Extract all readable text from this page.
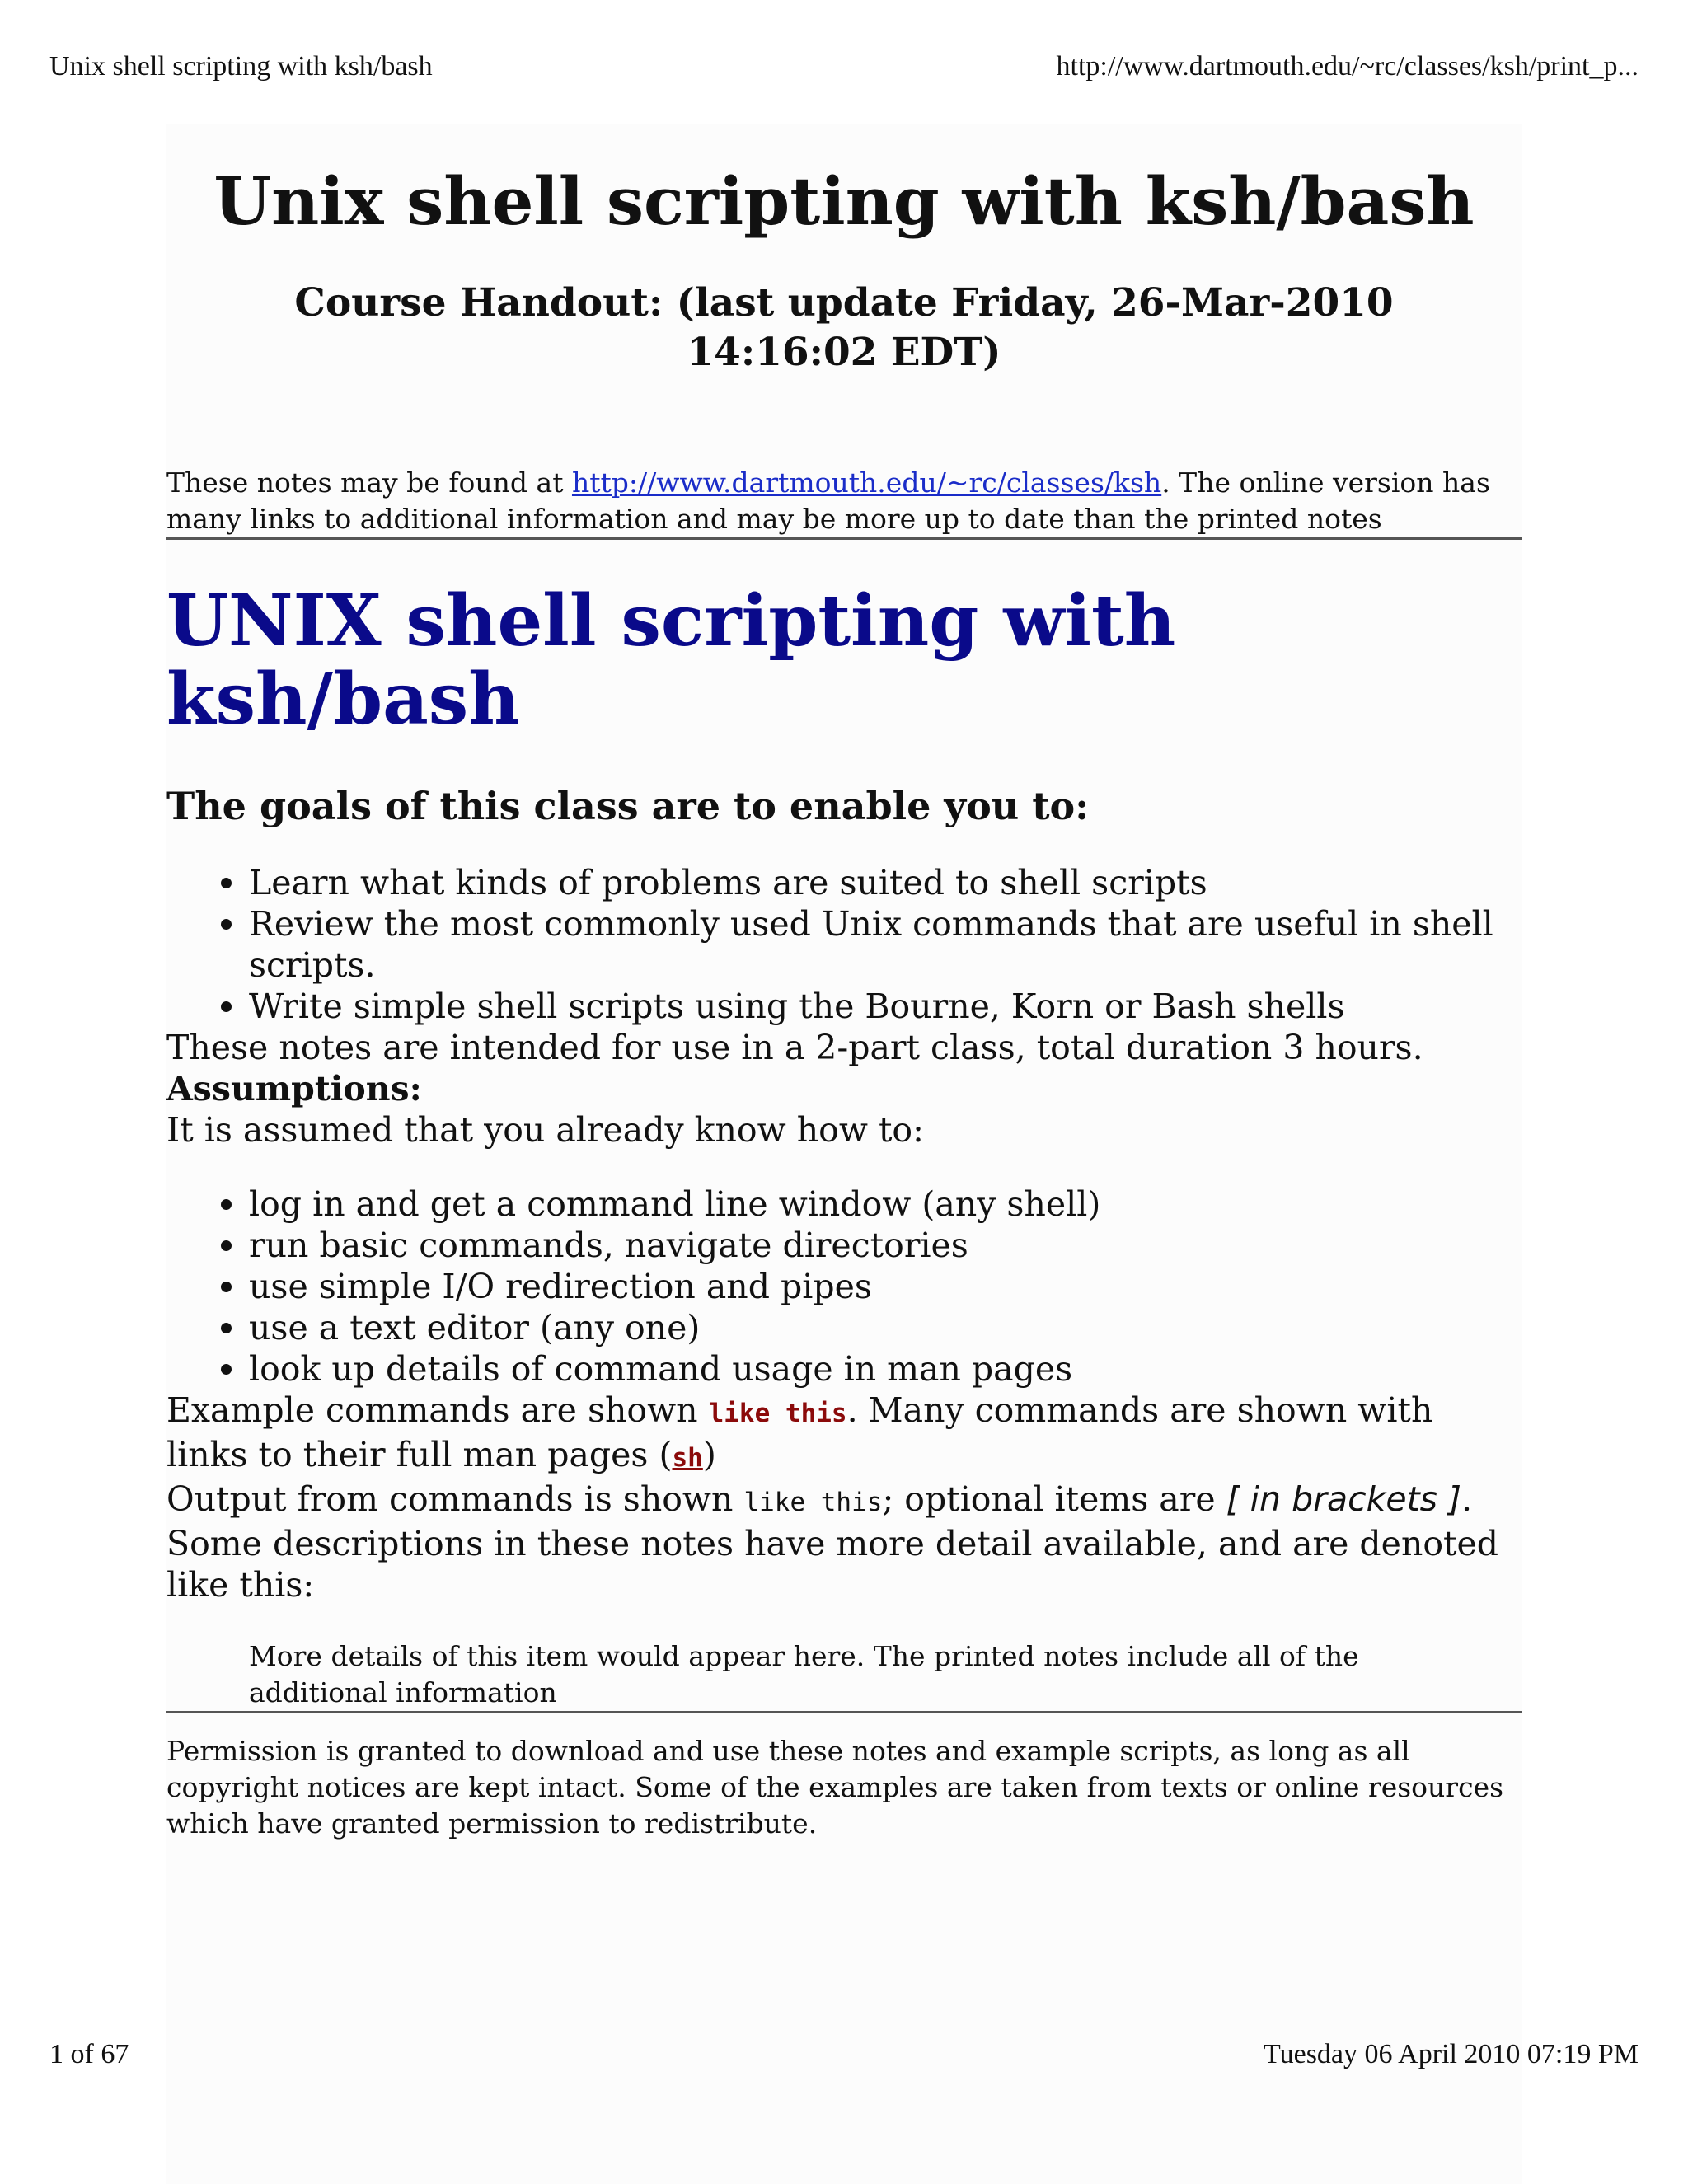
Unix shell scripting with ksh/bash	http://www.dartmouth.edu/~rc/classes/ksh/print_p...
Unix shell scripting with ksh/bash
Course Handout: (last update Friday, 26-Mar-2010 14:16:02 EDT)

These notes may be found at http://www.dartmouth.edu/~rc/classes/ksh. The online version has many links to additional information and may be more up to date than the printed notes

UNIX shell scripting with ksh/bash
The goals of this class are to enable you to:
Learn what kinds of problems are suited to shell scripts
Review the most commonly used Unix commands that are useful in shell scripts.
Write simple shell scripts using the Bourne, Korn or Bash shells

These notes are intended for use in a 2-part class, total duration 3 hours.

Assumptions:

It is assumed that you already know how to:

log in and get a command line window (any shell)
run basic commands, navigate directories
use simple I/O redirection and pipes
use a text editor (any one)
look up details of command usage in man pages

Example commands are shown like this. Many commands are shown with links to their full man pages (sh)
Output from commands is shown like this; optional items are [ in brackets ].

Some descriptions in these notes have more detail available, and are denoted like this:

More details of this item would appear here. The printed notes include all of the additional information

Permission is granted to download and use these notes and example scripts, as long as all copyright notices are kept intact. Some of the examples are taken from texts or online resources which have granted permission to redistribute.

1 of 67	Tuesday 06 April 2010 07:19 PM
